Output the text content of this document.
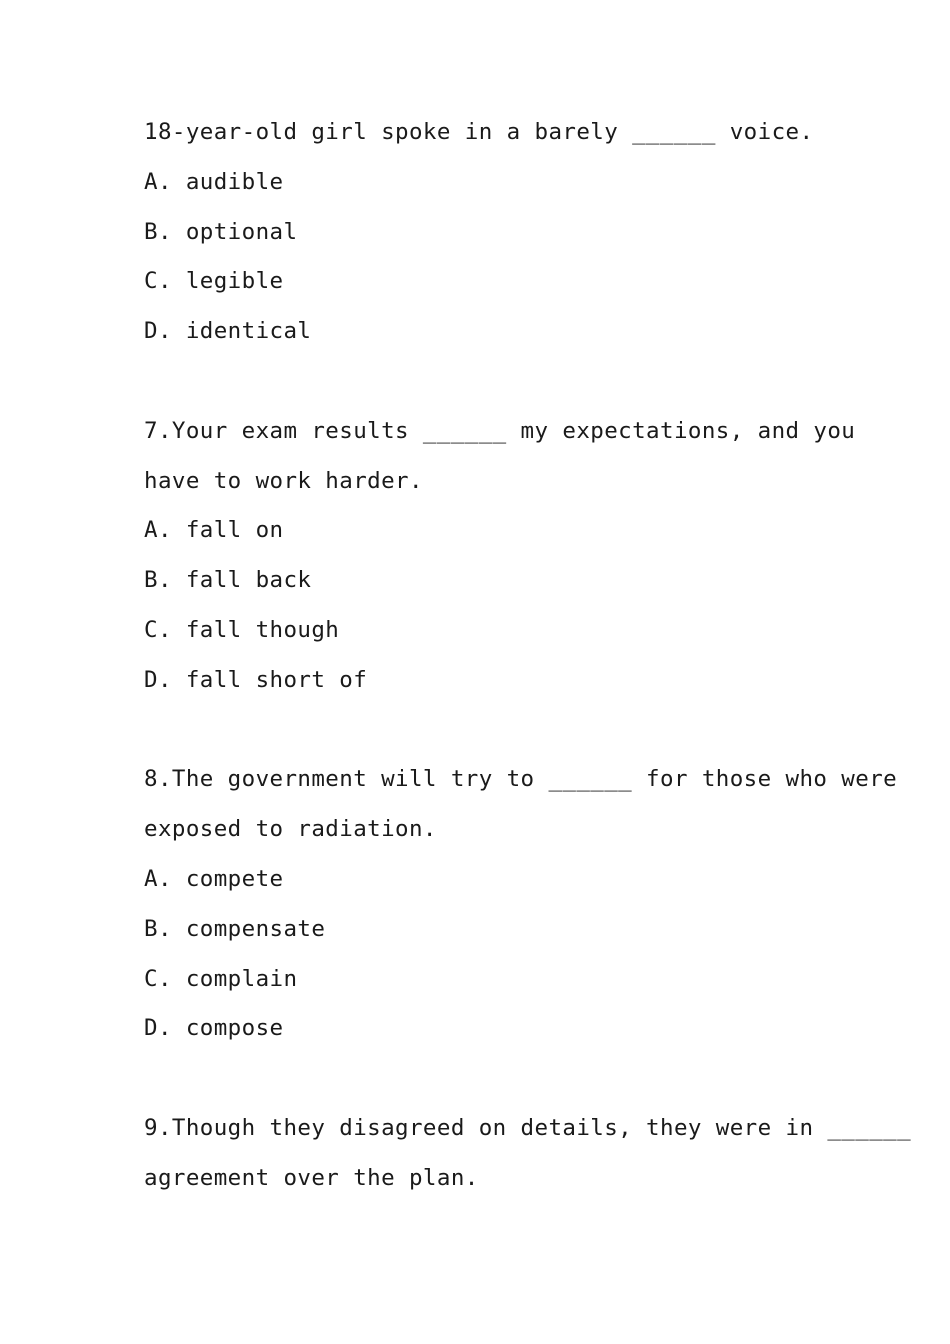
18-year-old girl spoke in a barely ______ voice.
A. audible
B. optional
C. legible
D. identical
7.Your exam results ______ my expectations, and you
have to work harder.
A. fall on
B. fall back
C. fall though
D. fall short of
8.The government will try to ______ for those who were
exposed to radiation.
A. compete
B. compensate
C. complain
D. compose
9.Though they disagreed on details, they were in ______
agreement over the plan.
